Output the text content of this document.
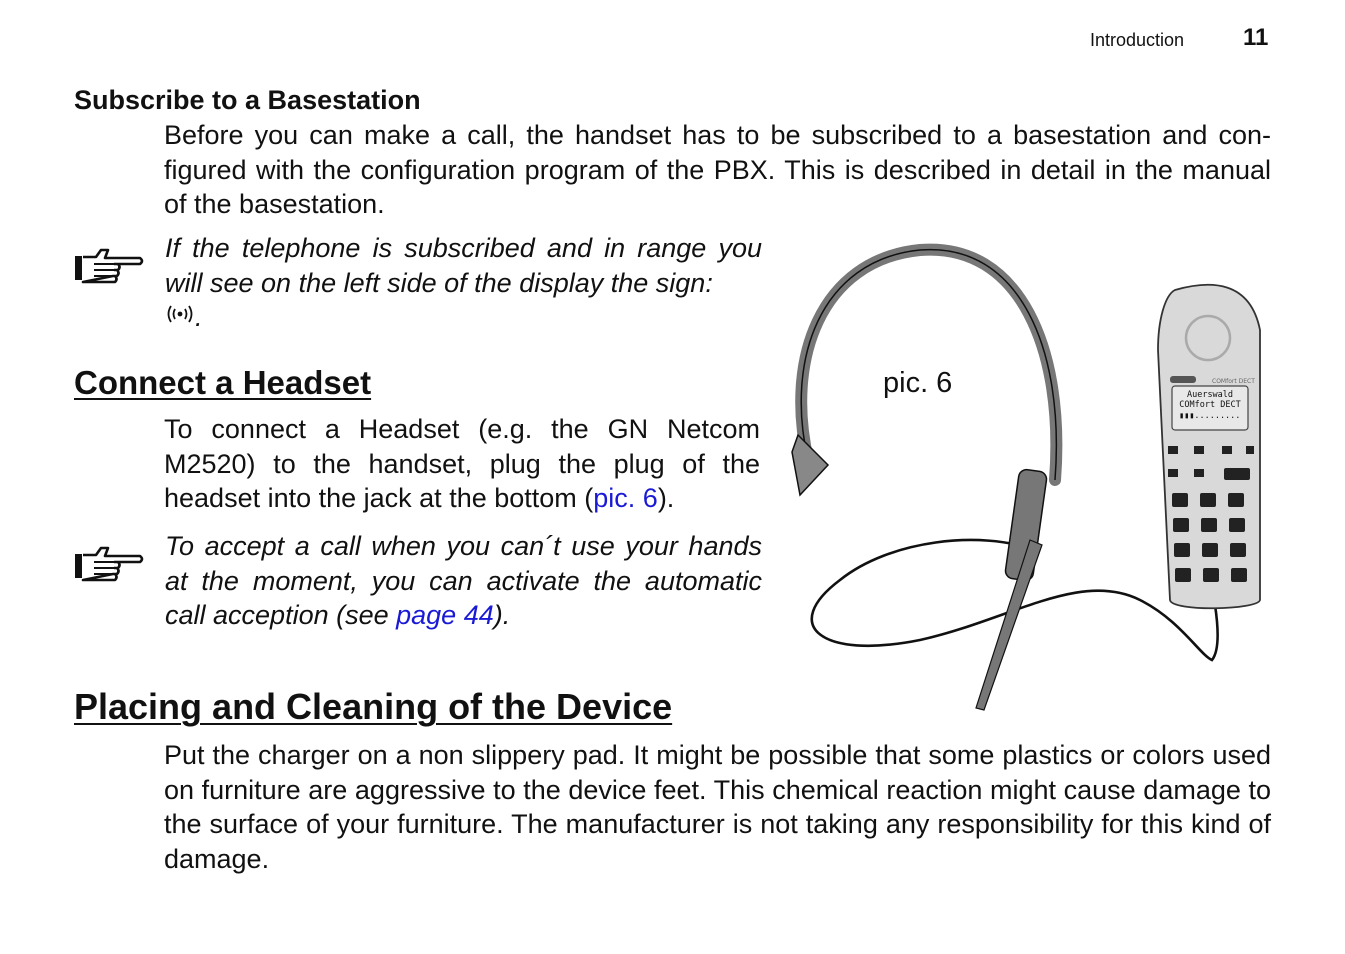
Introduction 11
Subscribe to a Basestation
Before you can make a call, the handset has to be subscribed to a basestation and configured with the configuration program of the PBX. This is described in detail in the manual of the basestation.
If the telephone is subscribed and in range you will see on the left side of the display the sign:

.
Connect a Headset
To connect a Headset (e.g. the GN Netcom M2520) to the handset, plug the plug of the headset into the jack at the bottom (pic. 6).
To accept a call when you can´t use your hands at the moment, you can activate the automatic call acception (see page 44).
COMfort DECT
Auerswald
COMfort DECT
▮▮▮.........
pic. 6
Placing and Cleaning of the Device
Put the charger on a non slippery pad. It might be possible that some plastics or colors used on furniture are aggressive to the device feet. This chemical reaction might cause damage to the surface of your furniture. The manufacturer is not taking any responsibility for this kind of damage.
